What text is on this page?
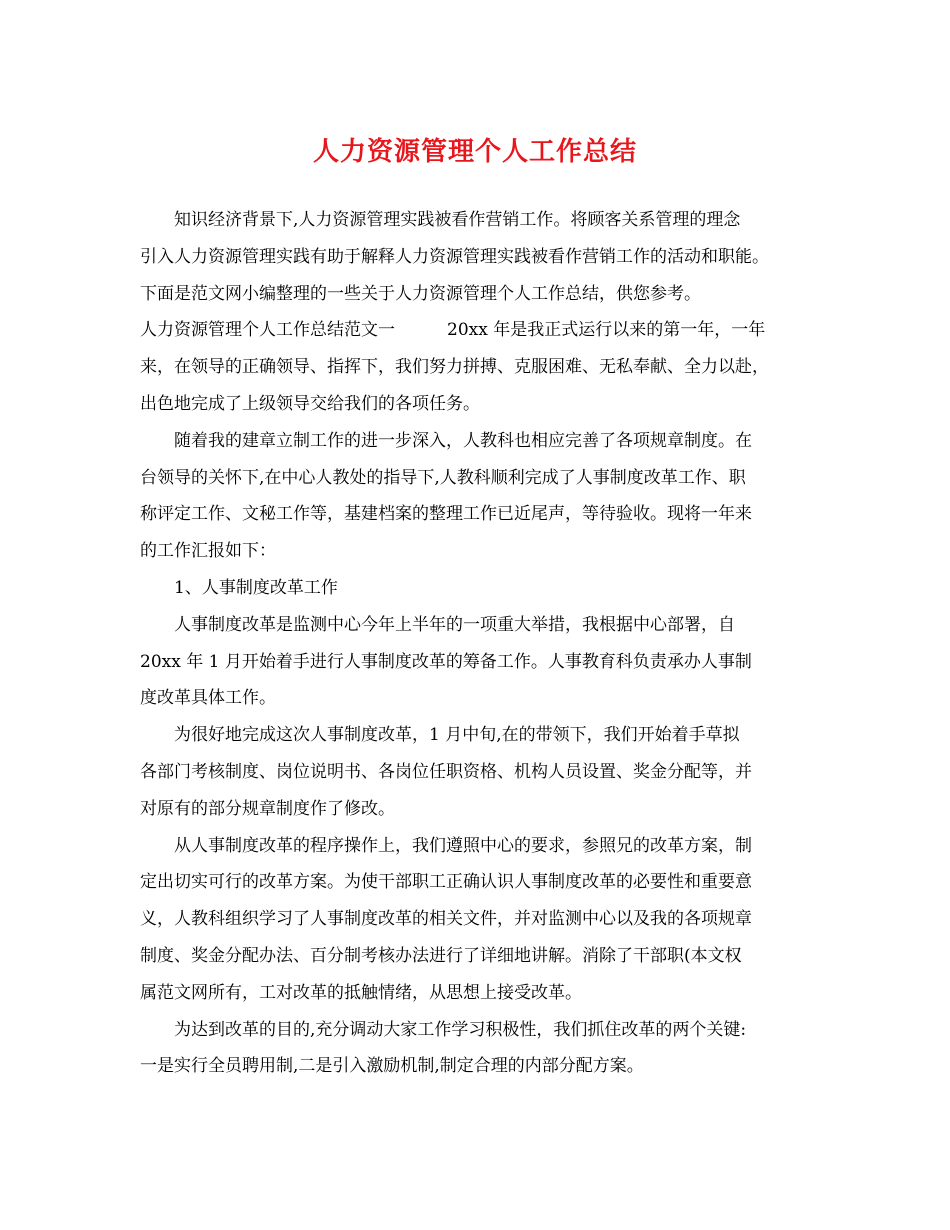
人力资源管理个人工作总结
知识经济背景下,人力资源管理实践被看作营销工作。将顾客关系管理的理念
引入人力资源管理实践有助于解释人力资源管理实践被看作营销工作的活动和职能。
下面是范文网小编整理的一些关于人力资源管理个人工作总结，供您参考。
人力资源管理个人工作总结范文一	20xx 年是我正式运行以来的第一年，一年
来，在领导的正确领导、指挥下，我们努力拼搏、克服困难、无私奉献、全力以赴，
出色地完成了上级领导交给我们的各项任务。
随着我的建章立制工作的进一步深入，人教科也相应完善了各项规章制度。在
台领导的关怀下,在中心人教处的指导下,人教科顺利完成了人事制度改革工作、职
称评定工作、文秘工作等，基建档案的整理工作已近尾声，等待验收。现将一年来
的工作汇报如下：
1、人事制度改革工作
人事制度改革是监测中心今年上半年的一项重大举措，我根据中心部署，自
20xx 年 1 月开始着手进行人事制度改革的筹备工作。人事教育科负责承办人事制
度改革具体工作。
为很好地完成这次人事制度改革，1 月中旬,在的带领下，我们开始着手草拟
各部门考核制度、岗位说明书、各岗位任职资格、机构人员设置、奖金分配等，并
对原有的部分规章制度作了修改。
从人事制度改革的程序操作上，我们遵照中心的要求，参照兄的改革方案，制
定出切实可行的改革方案。为使干部职工正确认识人事制度改革的必要性和重要意
义，人教科组织学习了人事制度改革的相关文件，并对监测中心以及我的各项规章
制度、奖金分配办法、百分制考核办法进行了详细地讲解。消除了干部职(本文权
属范文网所有，工对改革的抵触情绪，从思想上接受改革。
为达到改革的目的,充分调动大家工作学习积极性，我们抓住改革的两个关键:
一是实行全员聘用制,二是引入激励机制,制定合理的内部分配方案。
